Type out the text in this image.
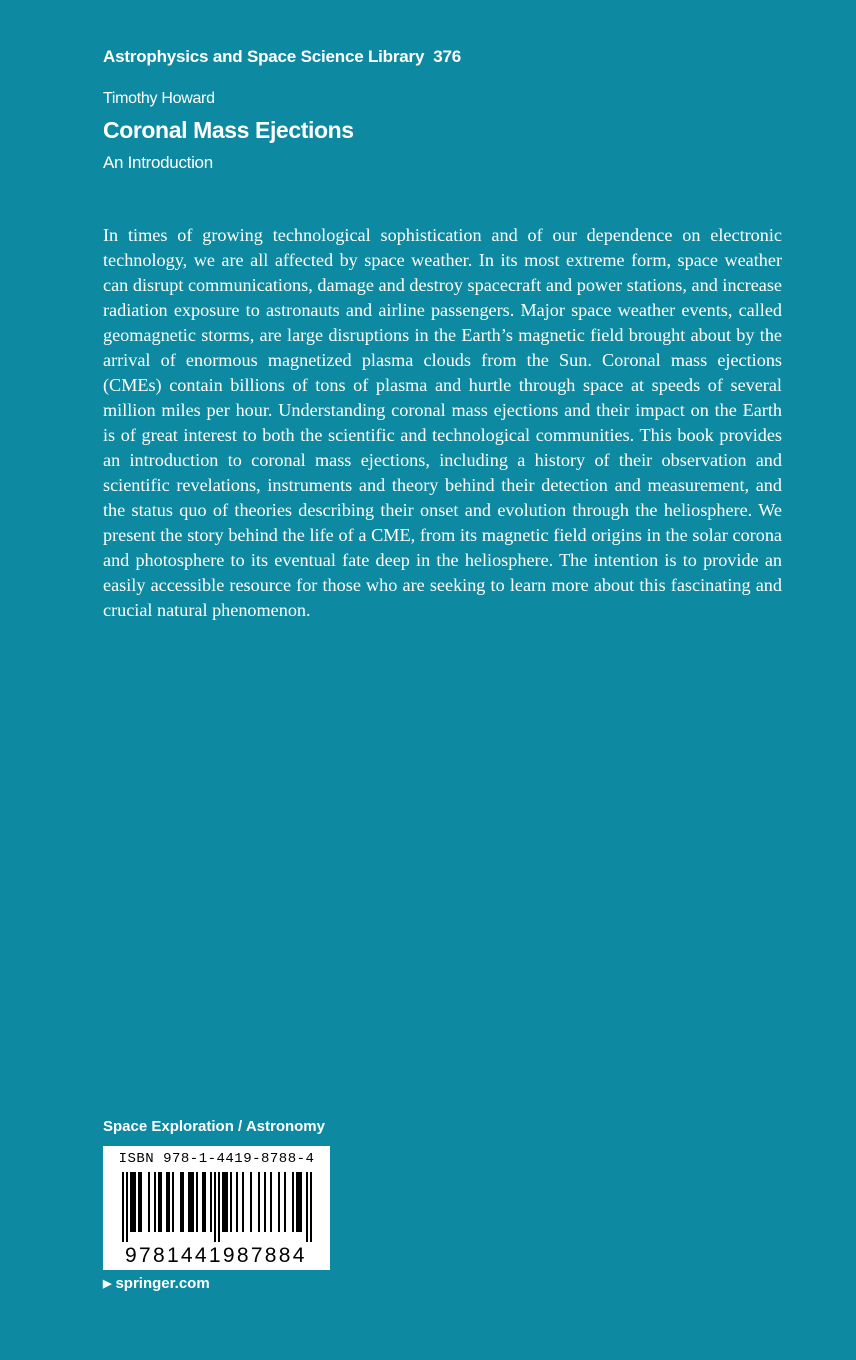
Astrophysics and Space Science Library 376
Timothy Howard
Coronal Mass Ejections
An Introduction

In times of growing technological sophistication and of our dependence on electronic technology, we are all affected by space weather. In its most extreme form, space weather can disrupt communications, damage and destroy spacecraft and power stations, and increase radiation exposure to astronauts and airline passengers. Major space weather events, called geomagnetic storms, are large disruptions in the Earth’s magnetic field brought about by the arrival of enormous magnetized plasma clouds from the Sun. Coronal mass ejections (CMEs) contain billions of tons of plasma and hurtle through space at speeds of several million miles per hour. Understanding coronal mass ejections and their impact on the Earth is of great interest to both the scientific and technological communities. This book provides an introduction to coronal mass ejections, including a history of their observation and scientific revelations, instruments and theory behind their detection and measurement, and the status quo of theories describing their onset and evolution through the heliosphere. We present the story behind the life of a CME, from its magnetic field origins in the solar corona and photosphere to its eventual fate deep in the heliosphere. The intention is to provide an easily accessible resource for those who are seeking to learn more about this fascinating and crucial natural phenomenon.

Space Exploration / Astronomy
ISBN 978-1-4419-8788-4
9781441987884
▶ springer.com
